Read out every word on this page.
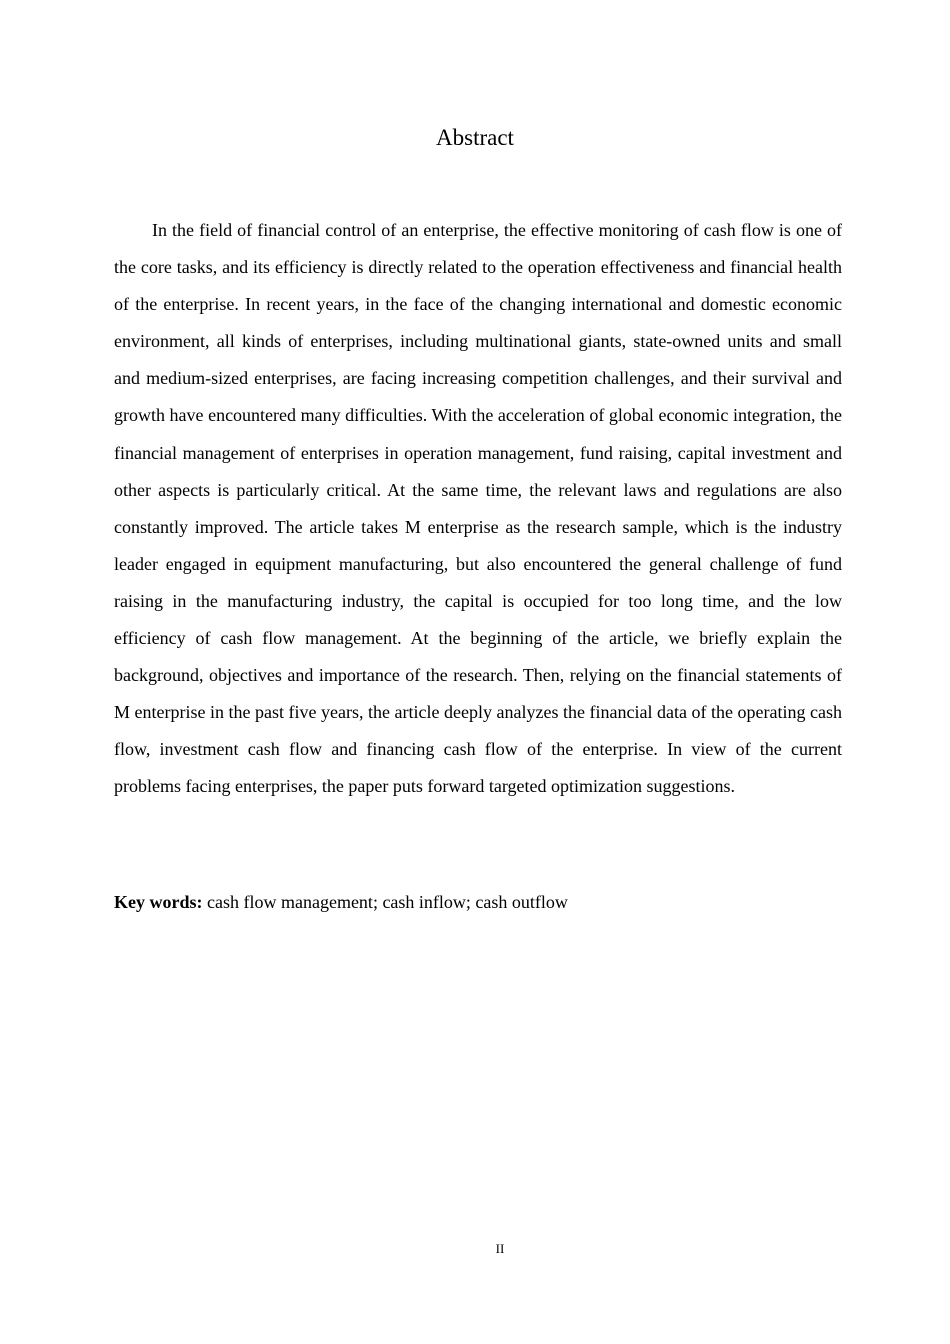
Abstract

In the field of financial control of an enterprise, the effective monitoring of cash flow is one of the core tasks, and its efficiency is directly related to the operation effectiveness and financial health of the enterprise. In recent years, in the face of the changing international and domestic economic environment, all kinds of enterprises, including multinational giants, state-owned units and small and medium-sized enterprises, are facing increasing competition challenges, and their survival and growth have encountered many difficulties. With the acceleration of global economic integration, the financial management of enterprises in operation management, fund raising, capital investment and other aspects is particularly critical. At the same time, the relevant laws and regulations are also constantly improved. The article takes M enterprise as the research sample, which is the industry leader engaged in equipment manufacturing, but also encountered the general challenge of fund raising in the manufacturing industry, the capital is occupied for too long time, and the low efficiency of cash flow management. At the beginning of the article, we briefly explain the background, objectives and importance of the research. Then, relying on the financial statements of M enterprise in the past five years, the article deeply analyzes the financial data of the operating cash flow, investment cash flow and financing cash flow of the enterprise. In view of the current problems facing enterprises, the paper puts forward targeted optimization suggestions.

Key words: cash flow management; cash inflow; cash outflow

II
